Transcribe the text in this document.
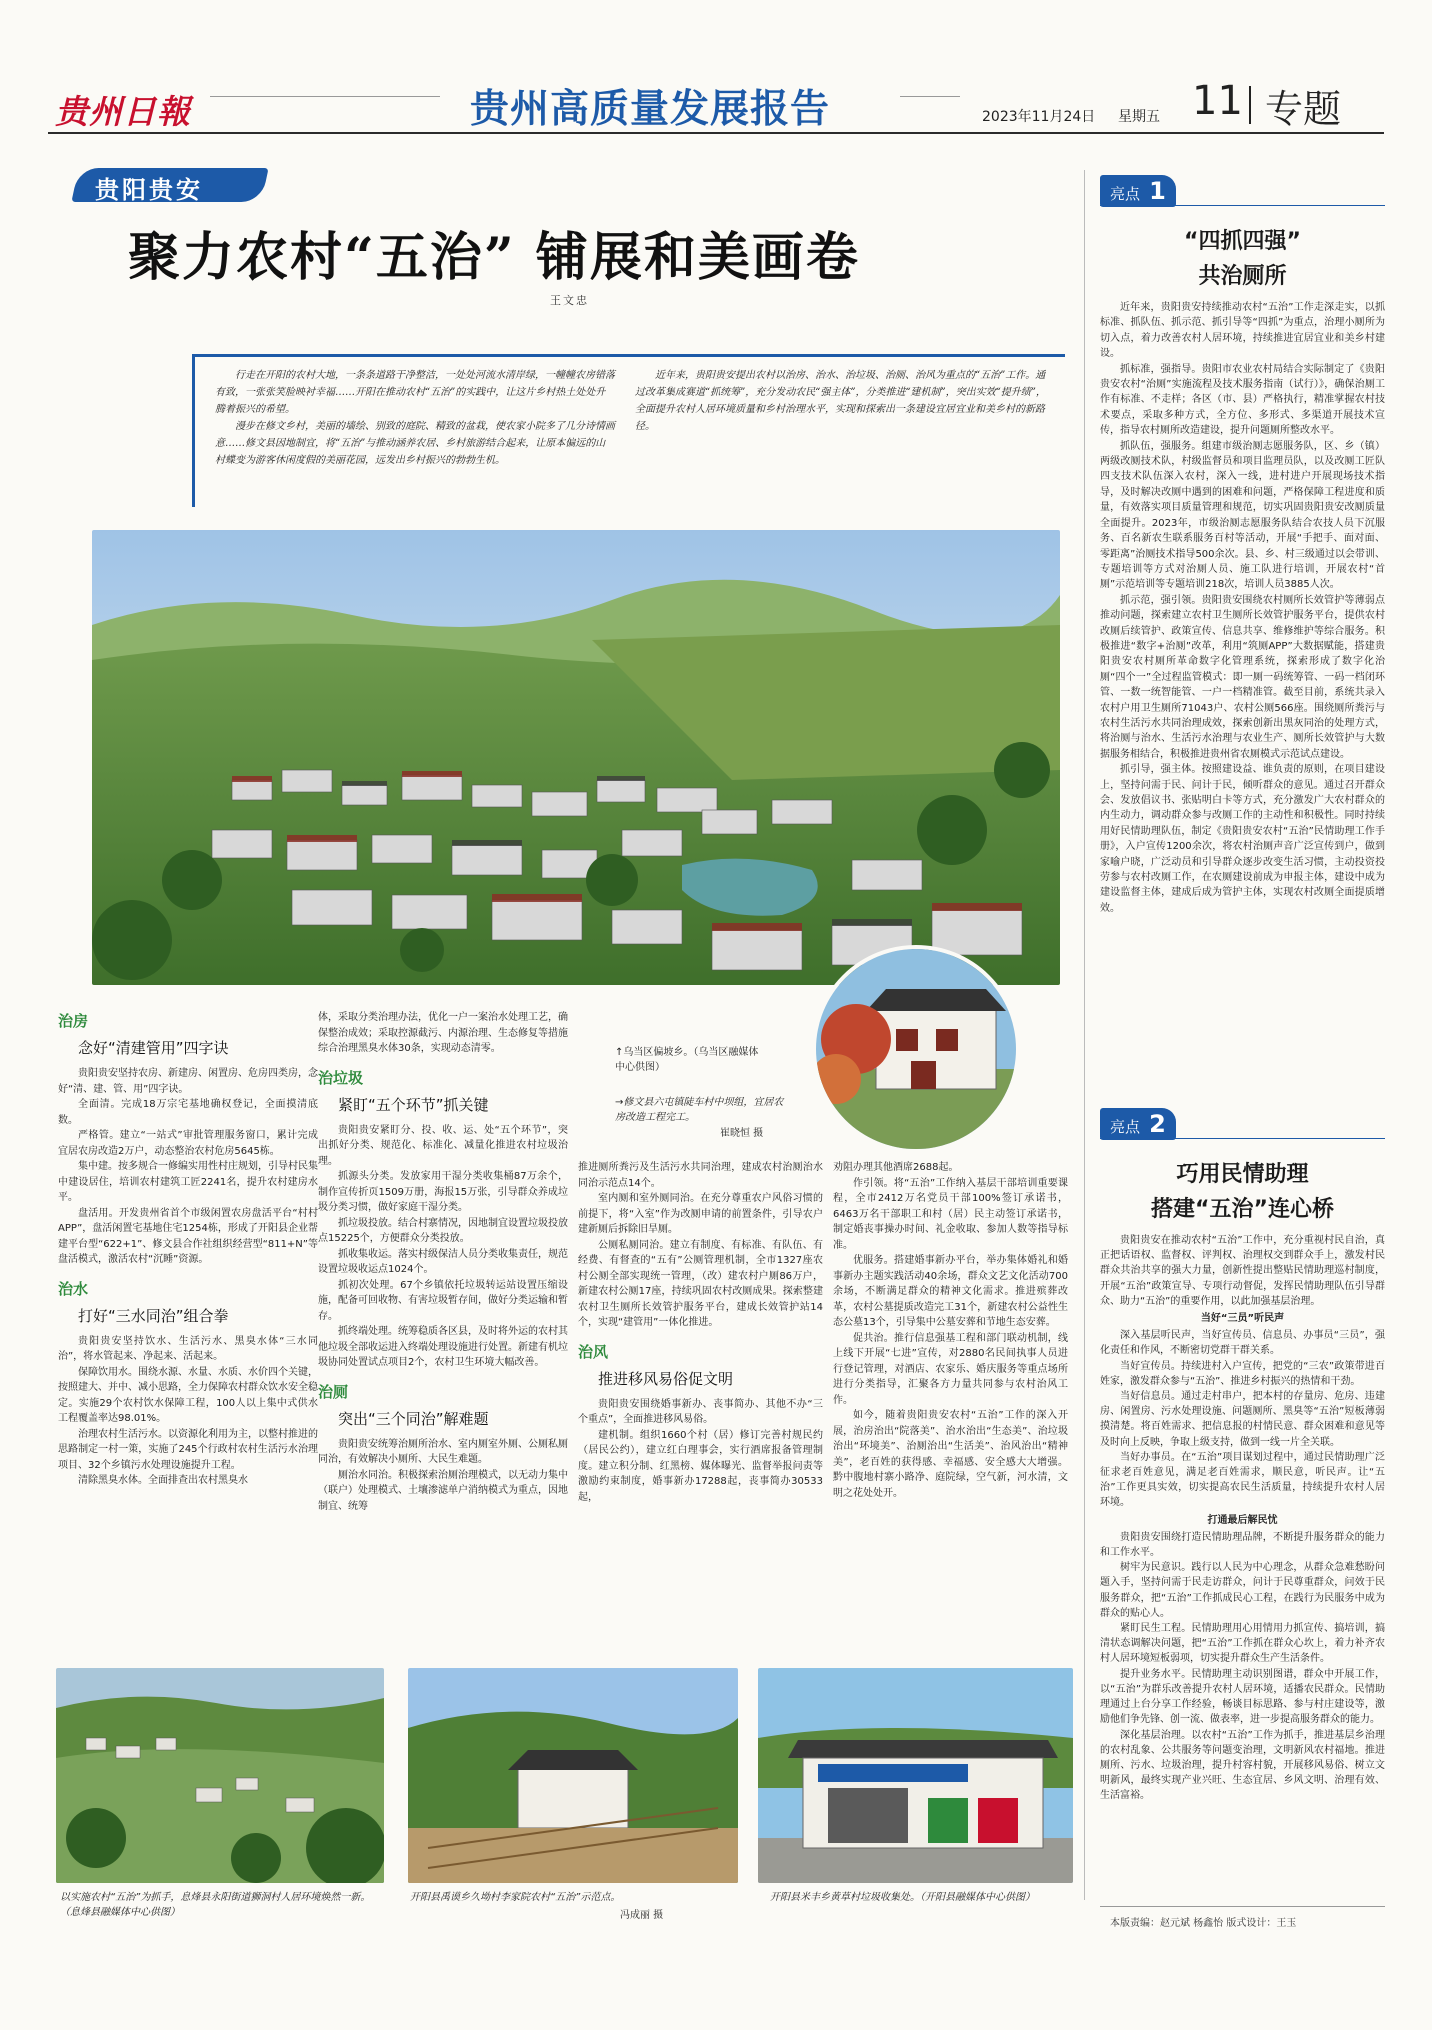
贵州日報	贵州高质量发展报告	2023年11月24日 星期五 11 专题
贵阳贵安
聚力农村“五治” 铺展和美画卷
王文忠

行走在开阳的农村大地，一条条道路干净整洁，一处处河流水清岸绿，一幢幢农房错落有致，一张张笑脸映衬幸福……开阳在推动农村“五治”的实践中，让这片乡村热土处处升腾着振兴的希望。

漫步在修文乡村，美丽的墙绘、别致的庭院、精致的盆栽，使农家小院多了几分诗情画意……修文县因地制宜，将“五治”与推动涵养农居、乡村旅游结合起来，让原本偏远的山村蝶变为游客休闲度假的美丽花园，远发出乡村振兴的勃勃生机。

近年来，贵阳贵安提出农村以治房、治水、治垃圾、治厕、治风为重点的“五治”工作。通过改革集成赛道“抓统筹”，充分发动农民“强主体”，分类推进“建机制”，突出实效“提升绩”，全面提升农村人居环境质量和乡村治理水平，实现和探索出一条建设宜居宜业和美乡村的新路径。

↑乌当区偏坡乡。（乌当区融媒体中心供图）
→修文县六屯镇陡车村中坝组，宜居农房改造工程完工。
崔晓恒 摄
治房
念好“清建管用”四字诀

贵阳贵安坚持农房、新建房、闲置房、危房四类房，念好“清、建、管、用”四字诀。

全面清。完成18万宗宅基地确权登记，全面摸清底数。

严格管。建立“一站式”审批管理服务窗口，累计完成宜居农房改造2万户，动态整治农村危房5645栋。

集中建。按多规合一修编实用性村庄规划，引导村民集中建设居住，培训农村建筑工匠2241名，提升农村建房水平。

盘活用。开发贵州省首个市级闲置农房盘活平台“村村APP”，盘活闲置宅基地住宅1254栋，形成了开阳县企业帮建平台型“622+1”、修文县合作社组织经营型“811+N”等盘活模式，激活农村“沉睡”资源。

治水
打好“三水同治”组合拳

贵阳贵安坚持饮水、生活污水、黑臭水体“三水同治”，将水管起来、净起来、活起来。

保障饮用水。围绕水源、水量、水质、水价四个关键，按照建大、并中、减小思路，全力保障农村群众饮水安全稳定。实施29个农村饮水保障工程，100人以上集中式供水工程覆盖率达98.01%。

治理农村生活污水。以资源化利用为主，以整村推进的思路制定一村一策，实施了245个行政村农村生活污水治理项目、32个乡镇污水处理设施提升工程。

清除黑臭水体。全面排查出农村黑臭水

体，采取分类治理办法，优化一户一案治水处理工艺，确保整治成效；采取控源截污、内源治理、生态修复等措施综合治理黑臭水体30条，实现动态清零。

治垃圾
紧盯“五个环节”抓关键

贵阳贵安紧盯分、投、收、运、处“五个环节”，突出抓好分类、规范化、标准化、减量化推进农村垃圾治理。

抓源头分类。发放家用干湿分类收集桶87万余个，制作宣传折页1509万册，海报15万张，引导群众养成垃圾分类习惯，做好家庭干湿分类。

抓垃圾投放。结合村寨情况，因地制宜设置垃圾投放点15225个，方便群众分类投放。

抓收集收运。落实村级保洁人员分类收集责任，规范设置垃圾收运点1024个。

抓初次处理。67个乡镇依托垃圾转运站设置压缩设施，配备可回收物、有害垃圾暂存间，做好分类运输和暂存。

抓终端处理。统筹稳质各区县，及时将外运的农村其他垃圾全部收运进入终端处理设施进行处置。新建有机垃圾协同处置试点项目2个，农村卫生环境大幅改善。

治厕
突出“三个同治”解难题

贵阳贵安统筹治厕所治水、室内厕室外厕、公厕私厕同治，有效解决小厕所、大民生难题。

厕治水同治。积极探索治厕治理模式，以无动力集中（联户）处理模式、土壤渗滤单户消纳模式为重点，因地制宜、统筹

推进厕所粪污及生活污水共同治理，建成农村治厕治水同治示范点14个。

室内厕和室外厕同治。在充分尊重农户风俗习惯的前提下，将“入室”作为改厕申请的前置条件，引导农户建新厕后拆除旧旱厕。

公厕私厕同治。建立有制度、有标准、有队伍、有经费、有督查的“五有”公厕管理机制，全市1327座农村公厕全部实现统一管理，（改）建农村户厕86万户，新建农村公厕17座，持续巩固农村改厕成果。探索整建农村卫生厕所长效管护服务平台，建成长效管护站14个，实现“建管用”一体化推进。

治风
推进移风易俗促文明

贵阳贵安围绕婚事新办、丧事简办、其他不办“三个重点”，全面推进移风易俗。

建机制。组织1660个村（居）修订完善村规民约（居民公约），建立红白理事会，实行酒席报备管理制度。建立积分制、红黑榜、媒体曝光、监督举报问责等激励约束制度，婚事新办17288起，丧事简办30533起，

劝阻办理其他酒席2688起。

作引领。将“五治”工作纳入基层干部培训重要课程，全市2412万名党员干部100%签订承诺书，6463万名干部职工和村（居）民主动签订承诺书，制定婚丧事操办时间、礼金收取、参加人数等指导标准。

优服务。搭建婚事新办平台，举办集体婚礼和婚事新办主题实践活动40余场，群众文艺文化活动700余场，不断满足群众的精神文化需求。推进殡葬改革，农村公墓提质改造完工31个，新建农村公益性生态公墓13个，引导集中公墓安葬和节地生态安葬。

促共治。推行信息强基工程和部门联动机制，线上线下开展“七进”宣传，对2880名民间执事人员进行登记管理，对酒店、农家乐、婚庆服务等重点场所进行分类指导，汇聚各方力量共同参与农村治风工作。

如今，随着贵阳贵安农村“五治”工作的深入开展，治房治出“院落美”、治水治出“生态美”、治垃圾治出“环境美”、治厕治出“生活美”、治风治出“精神美”，老百姓的获得感、幸福感、安全感大大增强。黔中腹地村寨小路净、庭院绿，空气新，河水清，文明之花处处开。

亮点 1
“四抓四强”
共治厕所

近年来，贵阳贵安持续推动农村“五治”工作走深走实，以抓标准、抓队伍、抓示范、抓引导等“四抓”为重点，治理小厕所为切入点，着力改善农村人居环境，持续推进宜居宜业和美乡村建设。

抓标准，强指导。贵阳市农业农村局结合实际制定了《贵阳贵安农村“治厕”实施流程及技术服务指南（试行）》，确保治厕工作有标准、不走样；各区（市、县）严格执行，精准掌握农村技术要点，采取多种方式，全方位、多形式、多渠道开展技术宣传，指导农村厕所改造建设，提升问题厕所整改水平。

抓队伍，强服务。组建市级治厕志愿服务队，区、乡（镇）两级改厕技术队，村级监督员和项目监理员队，以及改厕工匠队四支技术队伍深入农村，深入一线，进村进户开展现场技术指导，及时解决改厕中遇到的困难和问题，严格保障工程进度和质量，有效落实项目质量管理和规范，切实巩固贵阳贵安改厕质量全面提升。2023年，市级治厕志愿服务队结合农技人员下沉服务、百名新农生联系服务百村等活动，开展“手把手、面对面、零距离”治厕技术指导500余次。县、乡、村三级通过以会带训、专题培训等方式对治厕人员、施工队进行培训，开展农村“首厕”示范培训等专题培训218次，培训人员3885人次。

抓示范，强引领。贵阳贵安围绕农村厕所长效管护等薄弱点推动问题，探索建立农村卫生厕所长效管护服务平台，提供农村改厕后续管护、政策宣传、信息共享、维修维护等综合服务。积极推进“数字+治厕”改革，利用“筑厕APP”大数据赋能，搭建贵阳贵安农村厕所革命数字化管理系统，探索形成了数字化治厕“四个一”全过程监管模式：即一厕一码统筹管、一码一档闭环管、一数一统智能管、一户一档精准管。截至目前，系统共录入农村户用卫生厕所71043户、农村公厕566座。围绕厕所粪污与农村生活污水共同治理成效，探索创新出黑灰同治的处理方式，将治厕与治水、生活污水治理与农业生产、厕所长效管护与大数据服务相结合，积极推进贵州省农厕模式示范试点建设。

抓引导，强主体。按照建设益、谁负责的原则，在项目建设上，坚持问需于民、问计于民，倾听群众的意见。通过召开群众会、发放倡议书、张贴明白卡等方式，充分激发广大农村群众的内生动力，调动群众参与改厕工作的主动性和积极性。同时持续用好民情助理队伍，制定《贵阳贵安农村“五治”民情助理工作手册》，入户宣传1200余次，将农村治厕声音广泛宣传到户，做到家喻户晓，广泛动员和引导群众逐步改变生活习惯，主动投资投劳参与农村改厕工作，在农厕建设前成为申报主体，建设中成为建设监督主体，建成后成为管护主体，实现农村改厕全面提质增效。

亮点 2
巧用民情助理
搭建“五治”连心桥

贵阳贵安在推动农村“五治”工作中，充分重视村民自治，真正把话语权、监督权、评判权、治理权交到群众手上，激发村民群众共治共享的强大力量，创新性提出整贴民情助理巡村制度，开展“五治”政策宣导、专项行动督促，发挥民情助理队伍引导群众、助力“五治”的重要作用，以此加强基层治理。

当好“三员”听民声

深入基层听民声，当好宣传员、信息员、办事员“三员”，强化责任和作风，不断密切党群干群关系。

当好宣传员。持续进村入户宣传，把党的“三农”政策带进百姓家，激发群众参与“五治”、推进乡村振兴的热情和干劲。

当好信息员。通过走村串户，把本村的存量房、危房、违建房、闲置房、污水处理设施、问题厕所、黑臭等“五治”短板薄弱摸清楚。将百姓需求、把信息报的村情民意、群众困难和意见等及时向上反映，争取上级支持，做到一线一片全关联。

当好办事员。在“五治”项目谋划过程中，通过民情助理广泛征求老百姓意见，满足老百姓需求，顺民意，听民声。让“五治”工作更具实效，切实提高农民生活质量，持续提升农村人居环境。

打通最后解民忧

贵阳贵安围绕打造民情助理品牌，不断提升服务群众的能力和工作水平。

树牢为民意识。践行以人民为中心理念，从群众急难愁盼问题入手，坚持问需于民走访群众，问计于民尊重群众，问效于民服务群众，把“五治”工作抓成民心工程，在践行为民服务中成为群众的贴心人。

紧盯民生工程。民情助理用心用情用力抓宣传、搞培训，搞清状态调解决问题，把“五治”工作抓在群众心坎上，着力补齐农村人居环境短板弱项，切实提升群众生产生活条件。

提升业务水平。民情助理主动识别图谱，群众中开展工作，以“五治”为群乐改善提升农村人居环境，适播农民群众。民情助理通过上台分享工作经验，畅谈目标思路、参与村庄建设等，激励他们争先锋、创一流、做表率，进一步提高服务群众的能力。

深化基层治理。以农村“五治”工作为抓手，推进基层乡治理的农村乱象、公共服务等问题变治理，文明新风农村福地。推进厕所、污水、垃圾治理，提升村容村貌，开展移风易俗、树立文明新风，最终实现产业兴旺、生态宜居、乡风文明、治理有效、生活富裕。

以实施农村“五治”为抓手，息烽县永阳街道狮洞村人居环境焕然一新。（息烽县融媒体中心供图）
开阳县禹谟乡久坳村李家院农村“五治”示范点。
冯成丽 摄
开阳县米丰乡黄草村垃圾收集处。（开阳县融媒体中心供图）
本版责编：赵元斌 杨鑫怡 版式设计：王玉
